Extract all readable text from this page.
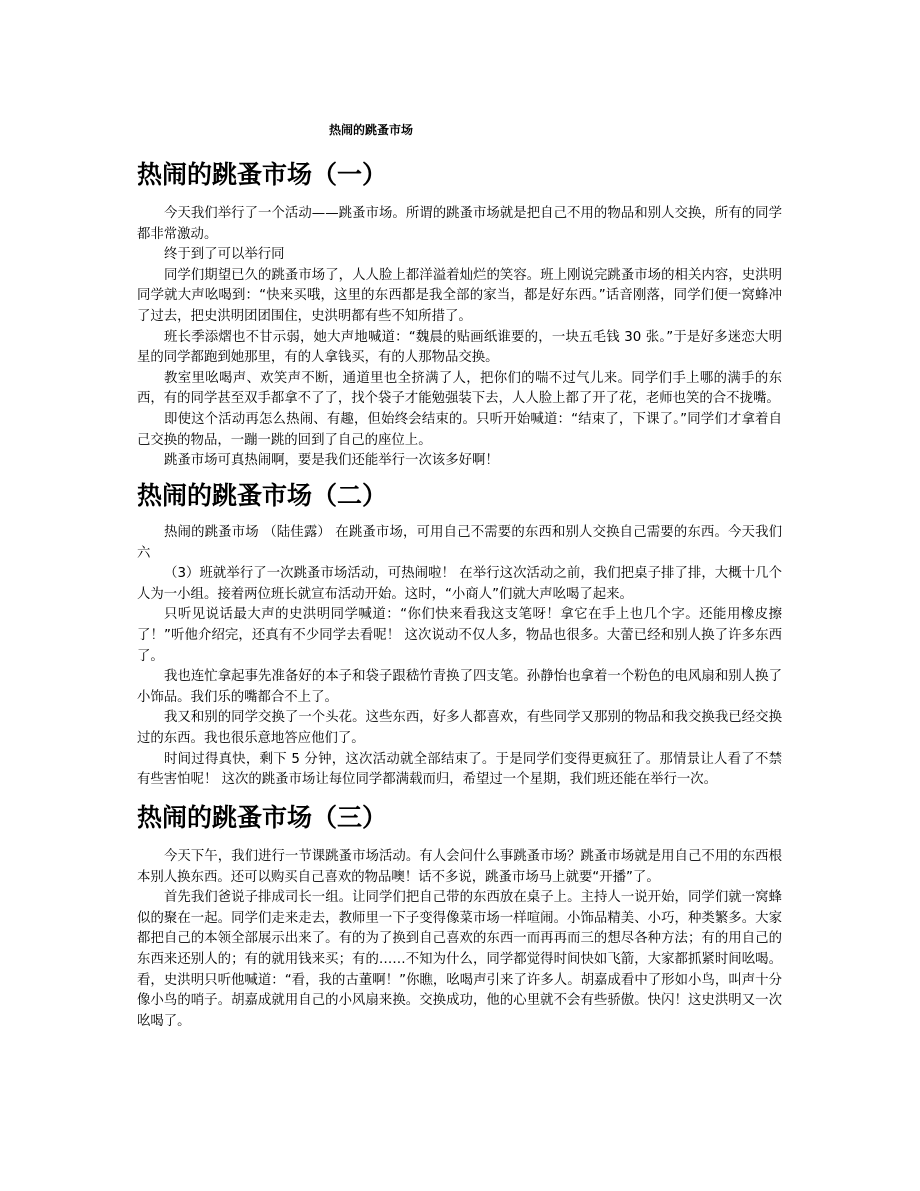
热闹的跳蚤市场
热闹的跳蚤市场（一）

今天我们举行了一个活动——跳蚤市场。所谓的跳蚤市场就是把自己不用的物品和别人交换，所有的同学都非常激动。

终于到了可以举行同

同学们期望已久的跳蚤市场了，人人脸上都洋溢着灿烂的笑容。班上刚说完跳蚤市场的相关内容，史洪明 同学就大声吆喝到：“快来买哦，这里的东西都是我全部的家当，都是好东西。”话音刚落，同学们便一窝蜂冲了过去，把史洪明团团围住，史洪明都有些不知所措了。

班长季添熠也不甘示弱，她大声地喊道：“魏晨的贴画纸谁要的，一块五毛钱 30 张。”于是好多迷恋大明星的同学都跑到她那里，有的人拿钱买，有的人那物品交换。

教室里吆喝声、欢笑声不断，通道里也全挤满了人，把你们的喘不过气儿来。同学们手上哪的满手的东西，有的同学甚至双手都拿不了了，找个袋子才能勉强装下去，人人脸上都了开了花，老师也笑的合不拢嘴。

即使这个活动再怎么热闹、有趣，但始终会结束的。只听开始喊道：“结束了，下课了。”同学们才拿着自己交换的物品，一蹦一跳的回到了自己的座位上。

跳蚤市场可真热闹啊，要是我们还能举行一次该多好啊！

热闹的跳蚤市场（二）

热闹的跳蚤市场 （陆佳露） 在跳蚤市场，可用自己不需要的东西和别人交换自己需要的东西。今天我们六

（3）班就举行了一次跳蚤市场活动，可热闹啦！ 在举行这次活动之前，我们把桌子排了排，大概十几个人为一小组。接着两位班长就宣布活动开始。这时，“小商人”们就大声吆喝了起来。

只听见说话最大声的史洪明同学喊道：“你们快来看我这支笔呀！拿它在手上也几个字。还能用橡皮擦了！”听他介绍完，还真有不少同学去看呢！ 这次说动不仅人多，物品也很多。大蕾已经和别人换了许多东西了。

我也连忙拿起事先准备好的本子和袋子跟嵇竹青换了四支笔。孙静怡也拿着一个粉色的电风扇和别人换了小饰品。我们乐的嘴都合不上了。

我又和别的同学交换了一个头花。这些东西，好多人都喜欢，有些同学又那别的物品和我交换我已经交换过的东西。我也很乐意地答应他们了。

时间过得真快，剩下 5 分钟，这次活动就全部结束了。于是同学们变得更疯狂了。那情景让人看了不禁有些害怕呢！ 这次的跳蚤市场让每位同学都满载而归，希望过一个星期，我们班还能在举行一次。

热闹的跳蚤市场（三）

今天下午，我们进行一节课跳蚤市场活动。有人会问什么事跳蚤市场？跳蚤市场就是用自己不用的东西根本别人换东西。还可以购买自己喜欢的物品噢！话不多说，跳蚤市场马上就要“开播”了。

首先我们爸说子排成司长一组。让同学们把自己带的东西放在桌子上。主持人一说开始，同学们就一窝蜂似的聚在一起。同学们走来走去，教师里一下子变得像菜市场一样喧闹。小饰品精美、小巧，种类繁多。大家都把自己的本领全部展示出来了。有的为了换到自己喜欢的东西一而再再而三的想尽各种方法；有的用自己的东西来还别人的；有的就用钱来买；有的……不知为什么，同学都觉得时间快如飞箭，大家都抓紧时间吆喝。看，史洪明只听他喊道：“看，我的古董啊！”你瞧，吆喝声引来了许多人。胡嘉成看中了形如小鸟，叫声十分像小鸟的哨子。胡嘉成就用自己的小风扇来换。交换成功，他的心里就不会有些骄傲。快闪！这史洪明又一次吆喝了。
